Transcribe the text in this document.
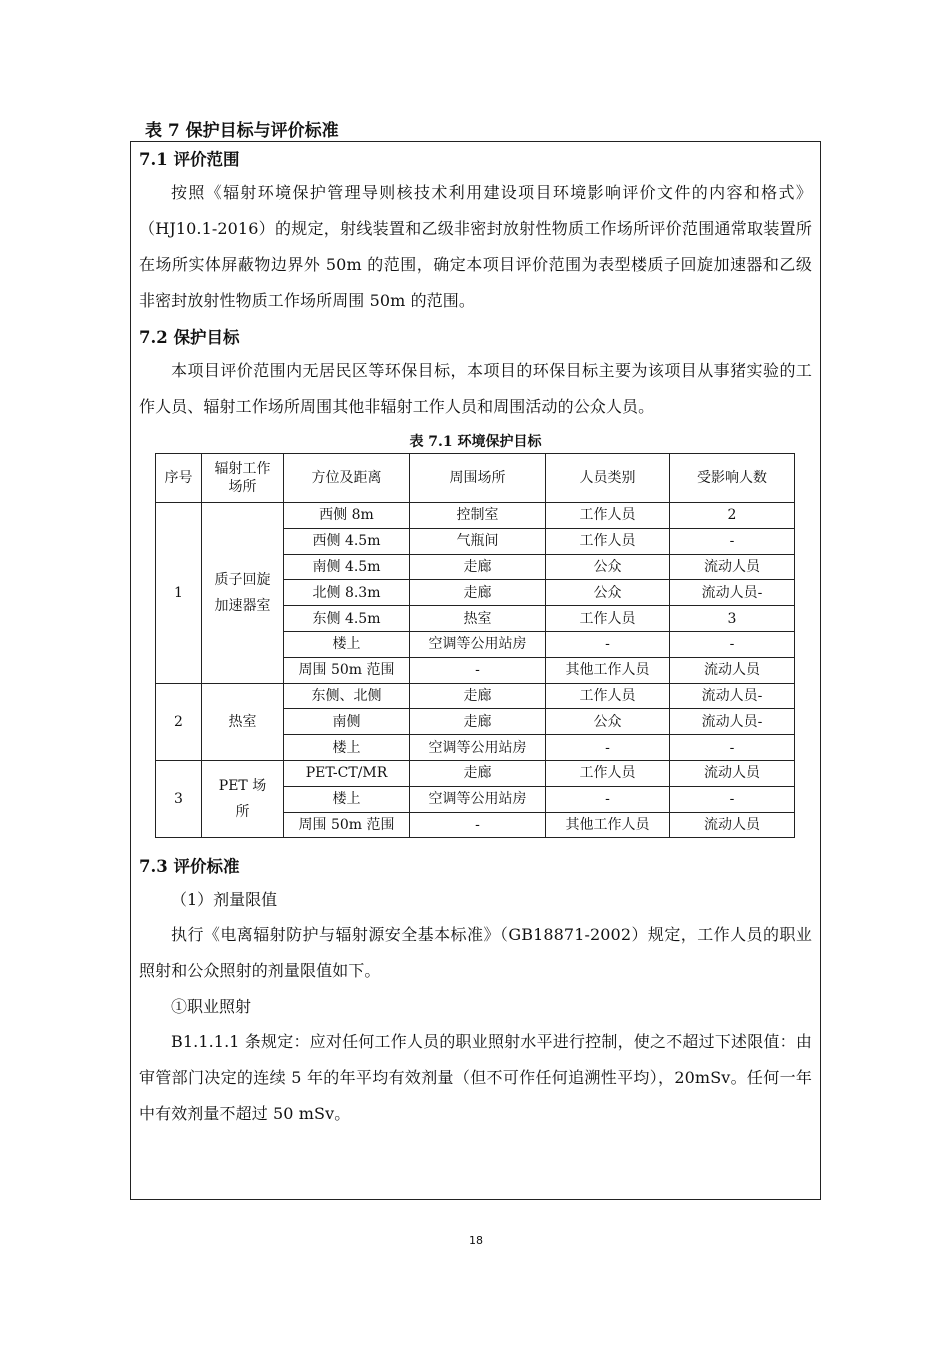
表 7 保护目标与评价标准
7.1 评价范围

按照《辐射环境保护管理导则核技术利用建设项目环境影响评价文件的内容和格式》（HJ10.1-2016）的规定，射线装置和乙级非密封放射性物质工作场所评价范围通常取装置所在场所实体屏蔽物边界外 50m 的范围，确定本项目评价范围为表型楼质子回旋加速器和乙级非密封放射性物质工作场所周围 50m 的范围。

7.2 保护目标

本项目评价范围内无居民区等环保目标，本项目的环保目标主要为该项目从事猪实验的工作人员、辐射工作场所周围其他非辐射工作人员和周围活动的公众人员。

表 7.1 环境保护目标
序号	辐射工作场所	方位及距离	周围场所	人员类别	受影响人数
1	质子回旋加速器室	西侧 8m	控制室	工作人员	2
		西侧 4.5m	气瓶间	工作人员	-
		南侧 4.5m	走廊	公众	流动人员
		北侧 8.3m	走廊	公众	流动人员-
		东侧 4.5m	热室	工作人员	3
		楼上	空调等公用站房	-	-
		周围 50m 范围	-	其他工作人员	流动人员
2	热室	东侧、北侧	走廊	工作人员	流动人员-
		南侧	走廊	公众	流动人员-
		楼上	空调等公用站房	-	-
3	PET 场所	PET-CT/MR	走廊	工作人员	流动人员
		楼上	空调等公用站房	-	-
		周围 50m 范围	-	其他工作人员	流动人员
7.3 评价标准

（1）剂量限值

执行《电离辐射防护与辐射源安全基本标准》（GB18871-2002）规定，工作人员的职业照射和公众照射的剂量限值如下。

①职业照射

B1.1.1.1 条规定：应对任何工作人员的职业照射水平进行控制，使之不超过下述限值：由审管部门决定的连续 5 年的年平均有效剂量（但不可作任何追溯性平均），20mSv。任何一年中有效剂量不超过 50 mSv。

18
